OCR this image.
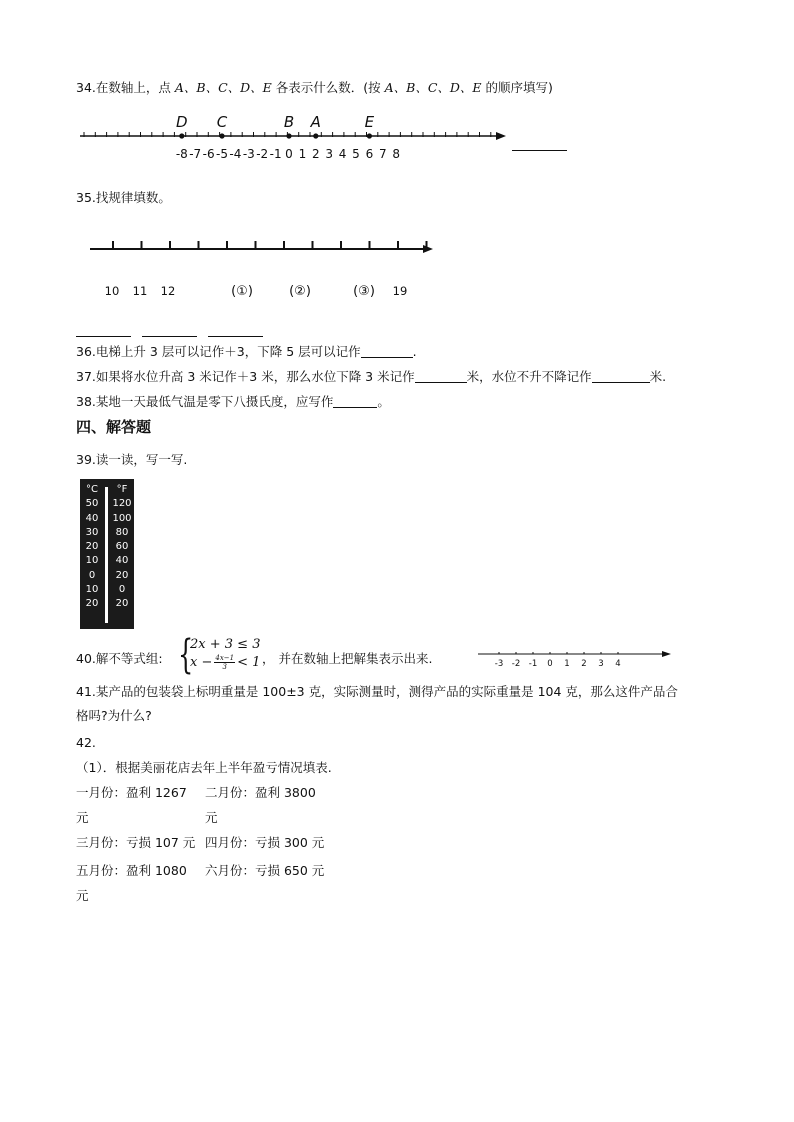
34.在数轴上，点 A、B、C、D、E 各表示什么数．(按 A、B、C、D、E 的顺序填写)
-8 -7 -6 -5 -4 -3 -2 -1 0 1 2 3 4 5 6 7 8
D C	B A	E
35.找规律填数。
10 11 12	(①)	(②)	(③) 19

36.电梯上升 3 层可以记作＋3，下降 5 层可以记作	.
37.如果将水位升高 3 米记作＋3 米，那么水位下降 3 米记作	米，水位不升不降记作	米.
38.某地一天最低气温是零下八摄氏度，应写作	。
四、解答题
39.读一读，写一写.
°C
50
40
30
20
10
0
10
20
°F
120
100
80
60
40
20
0
20
40.解不等式组: {
2x + 3 ≤ 3
$x - \frac{4x-1}{3} < 1$ ， 并在数轴上把解集表示出来.	-3 -2 -1 0 1 2 3 4
41.某产品的包装袋上标明重量是 100±3 克，实际测量时，测得产品的实际重量是 104 克，那么这件产品合
格吗?为什么?
42.
（1）．根据美丽花店去年上半年盈亏情况填表.
一月份：盈利 1267 二月份：盈利 3800
元	元
三月份：亏损 107 元 四月份：亏损 300 元
五月份：盈利 1080 六月份：亏损 650 元
元
